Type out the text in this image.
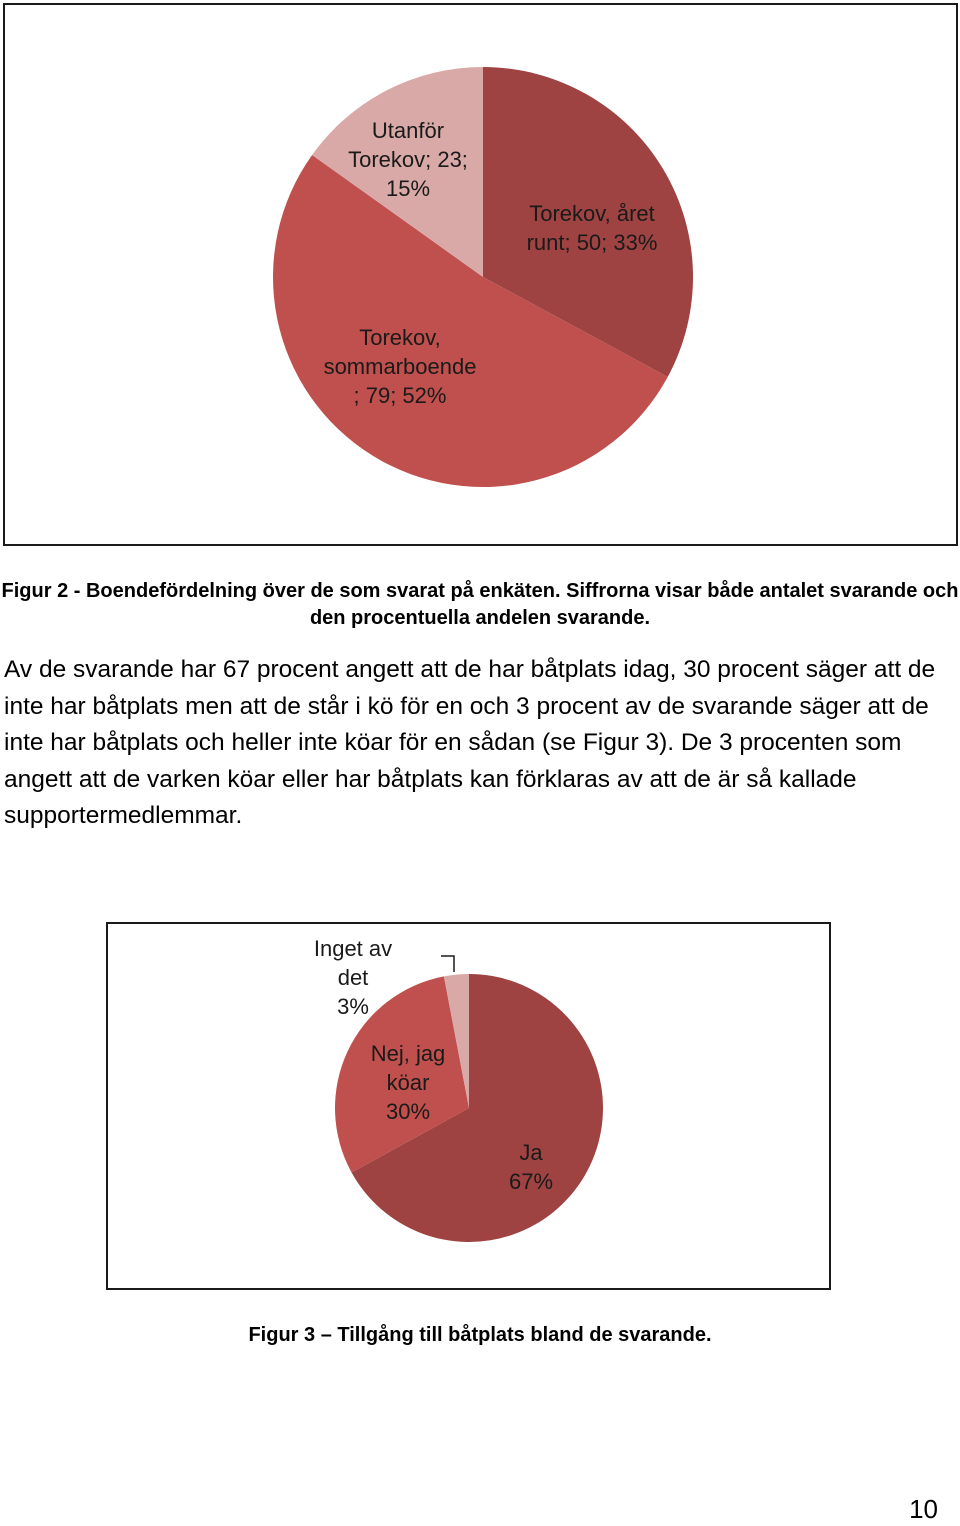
Torekov, året runt; 50; 33%
Torekov, sommarboende ; 79; 52%
Utanför Torekov; 23; 15%
Figur 2 - Boendefördelning över de som svarat på enkäten. Siffrorna visar både antalet svarande och den procentuella andelen svarande.

Av de svarande har 67 procent angett att de har båtplats idag, 30 procent säger att de inte har båtplats men att de står i kö för en och 3 procent av de svarande säger att de inte har båtplats och heller inte köar för en sådan (se Figur 3). De 3 procenten som angett att de varken köar eller har båtplats kan förklaras av att de är så kallade supportermedlemmar.

Ja 67%
Nej, jag köar 30%
Inget av det 3%
Figur 3 – Tillgång till båtplats bland de svarande.
10
